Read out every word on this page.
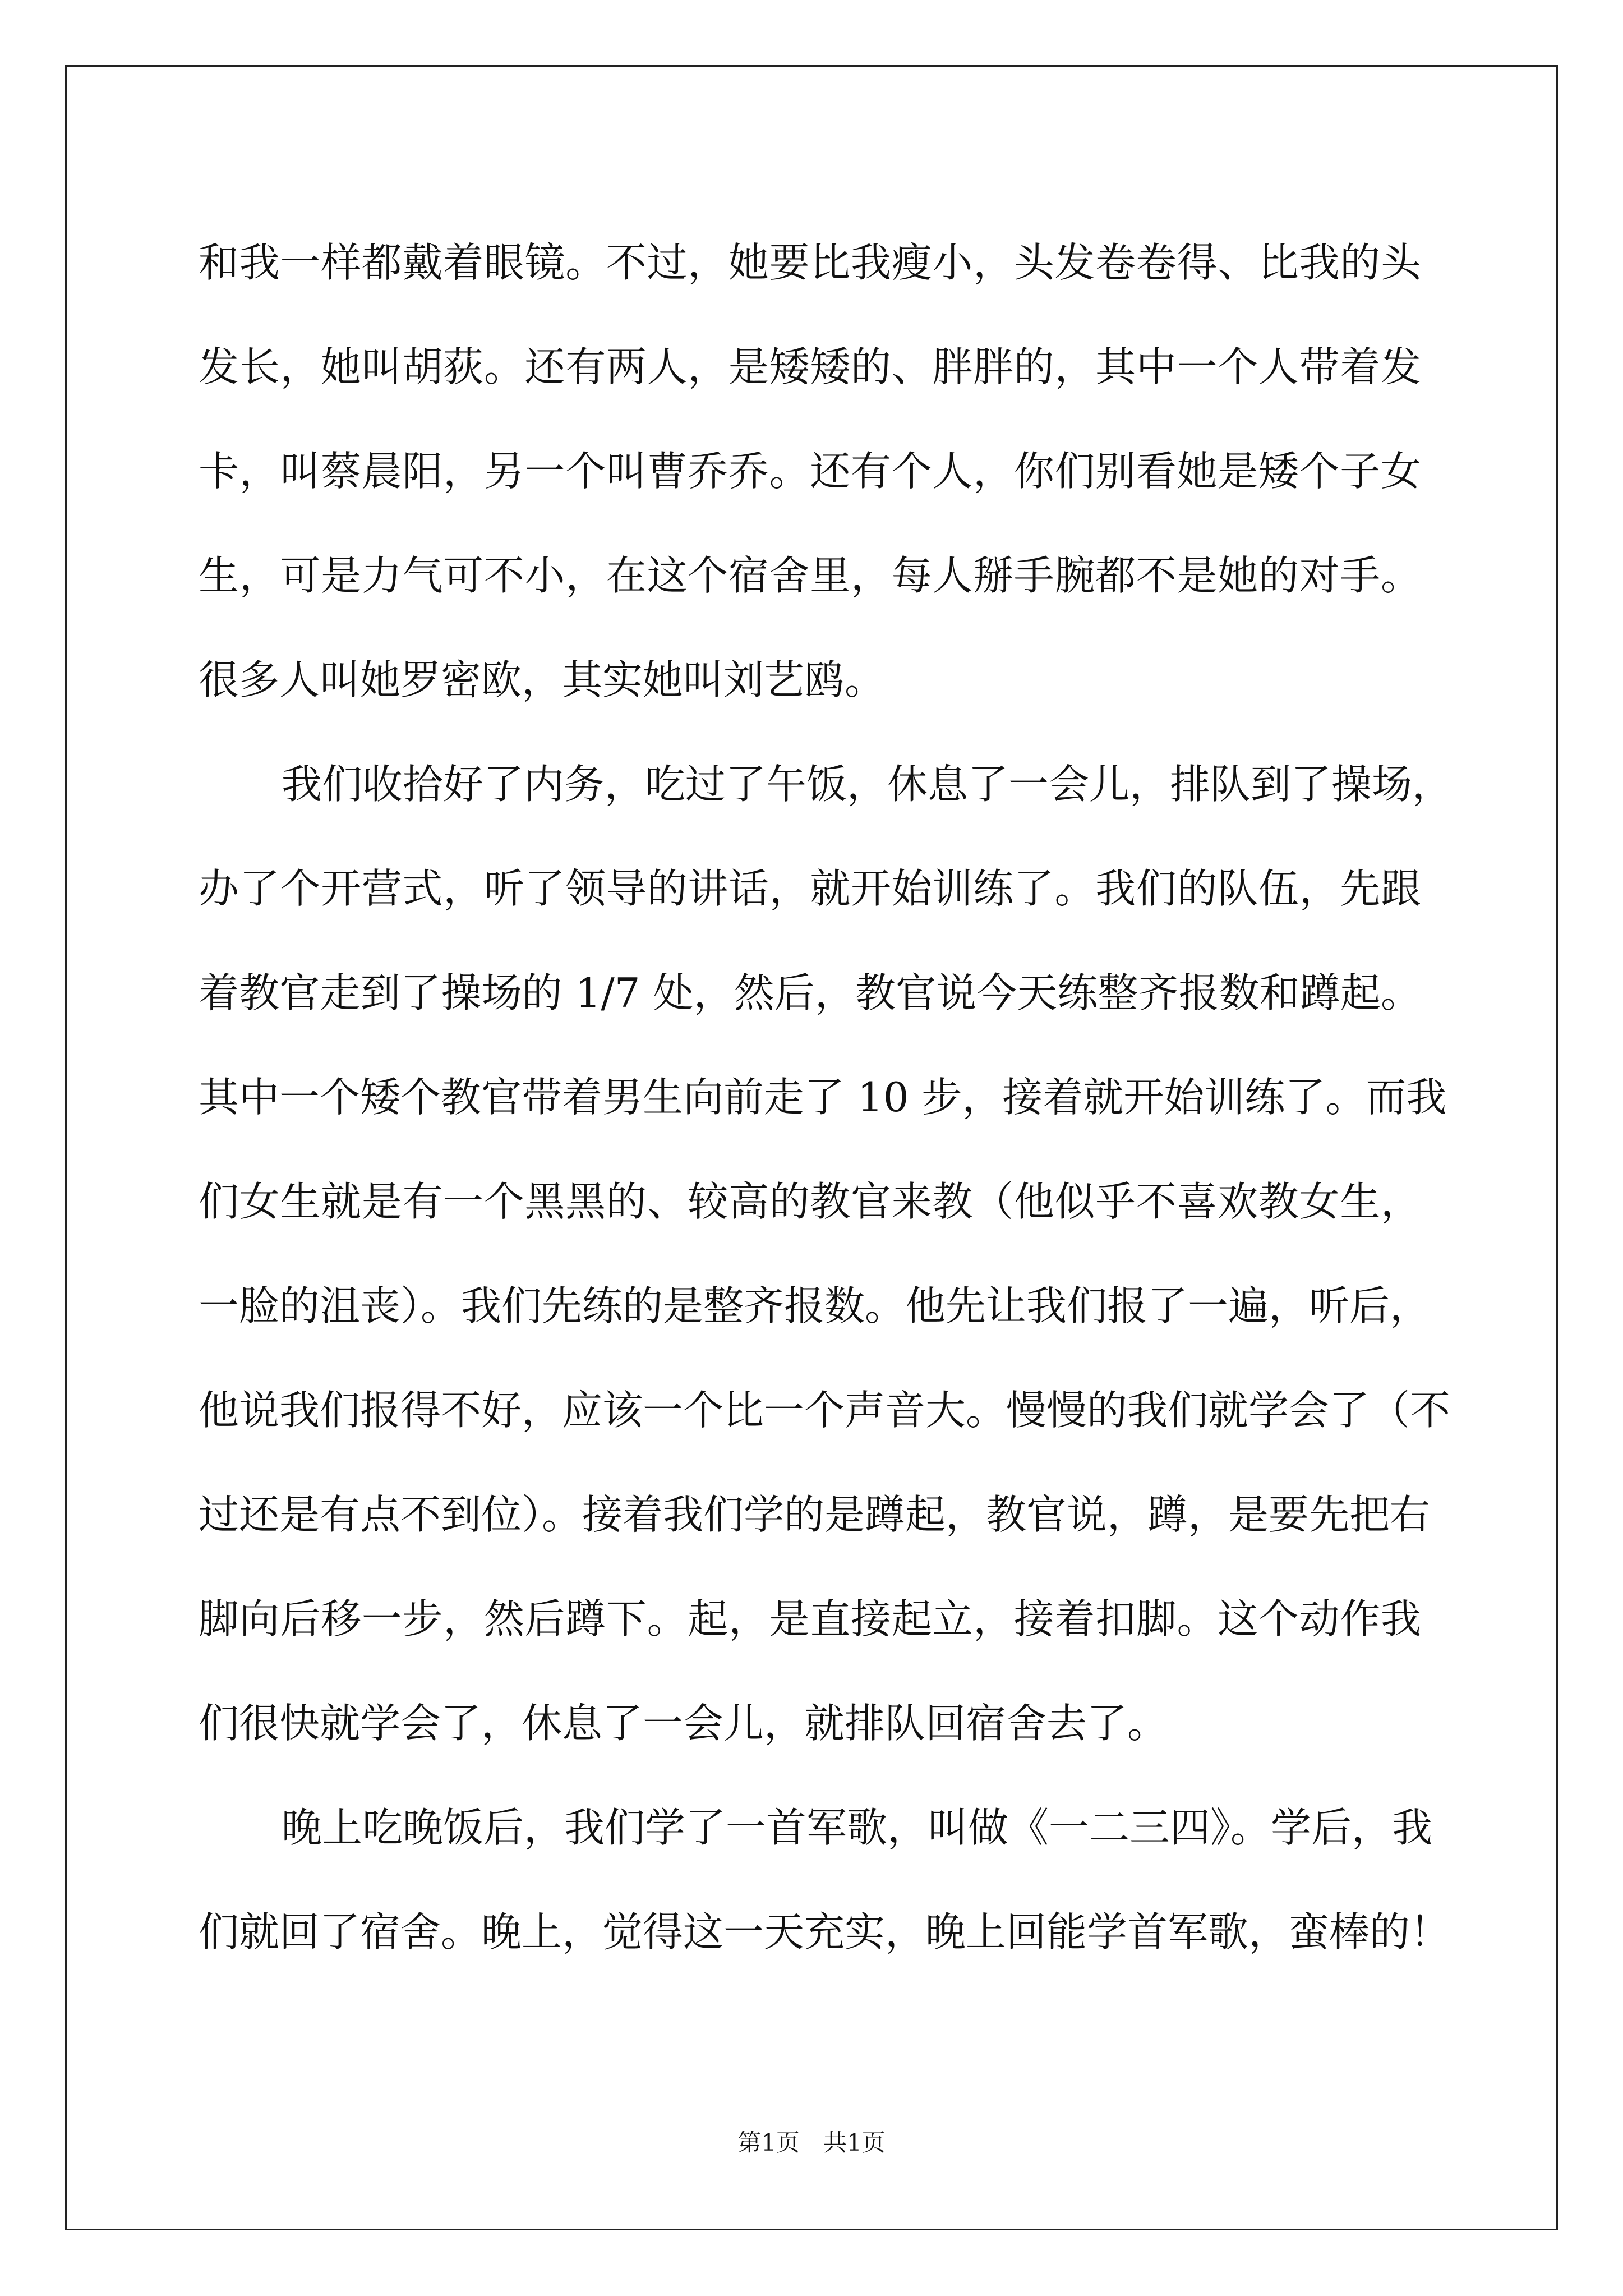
和我一样都戴着眼镜。不过，她要比我瘦小，头发卷卷得、比我的头
发长，她叫胡荻。还有两人，是矮矮的、胖胖的，其中一个人带着发
卡，叫蔡晨阳，另一个叫曹乔乔。还有个人，你们别看她是矮个子女
生，可是力气可不小，在这个宿舍里，每人掰手腕都不是她的对手。
很多人叫她罗密欧，其实她叫刘艺鸥。
我们收拾好了内务，吃过了午饭，休息了一会儿，排队到了操场，
办了个开营式，听了领导的讲话，就开始训练了。我们的队伍，先跟
着教官走到了操场的 1/7 处，然后，教官说今天练整齐报数和蹲起。
其中一个矮个教官带着男生向前走了 10 步，接着就开始训练了。而我
们女生就是有一个黑黑的、较高的教官来教（他似乎不喜欢教女生，
一脸的沮丧）。我们先练的是整齐报数。他先让我们报了一遍，听后，
他说我们报得不好，应该一个比一个声音大。慢慢的我们就学会了（不
过还是有点不到位）。接着我们学的是蹲起，教官说，蹲，是要先把右
脚向后移一步，然后蹲下。起，是直接起立，接着扣脚。这个动作我
们很快就学会了，休息了一会儿，就排队回宿舍去了。
晚上吃晚饭后，我们学了一首军歌，叫做《一二三四》。学后，我
们就回了宿舍。晚上，觉得这一天充实，晚上回能学首军歌，蛮棒的！
第1页 共1页
